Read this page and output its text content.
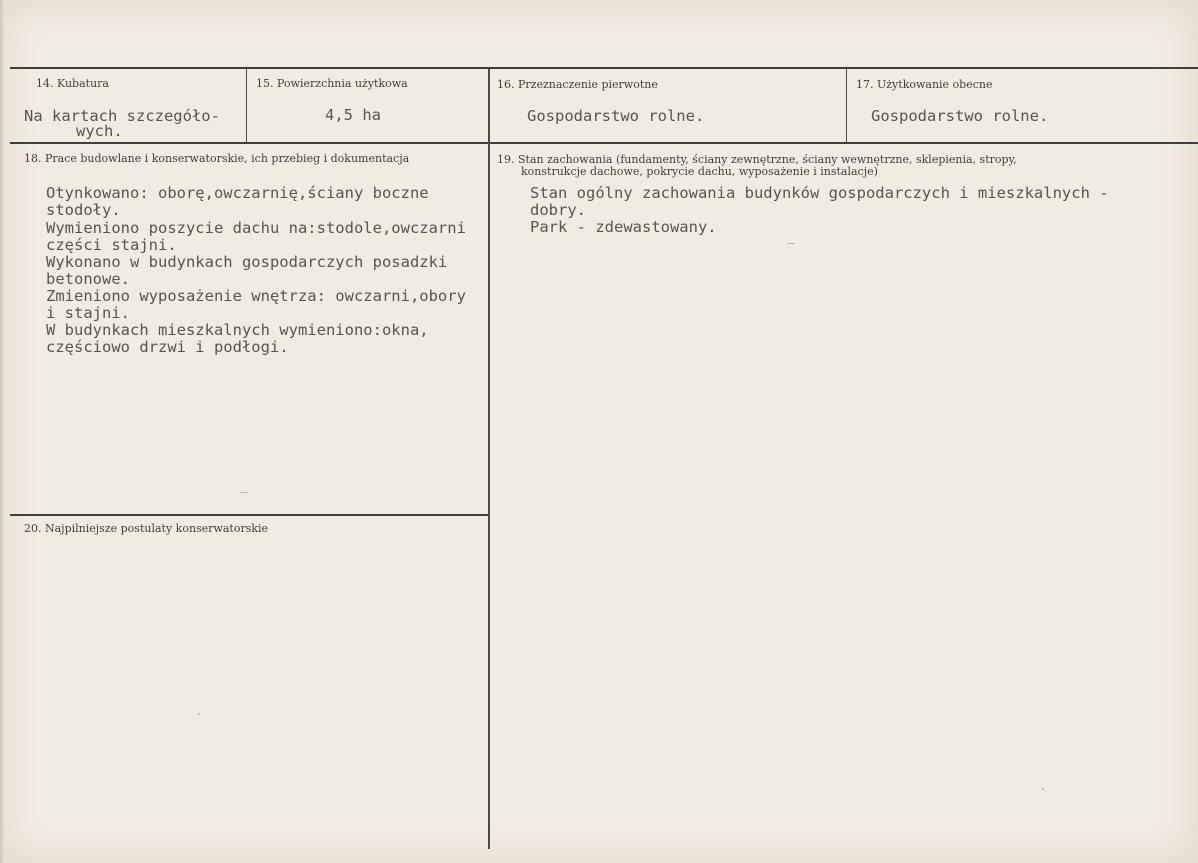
14. Kubatura
Na kartach szczegóło-
wych.
15. Powierzchnia użytkowa
4,5 ha
16. Przeznaczenie pierwotne
Gospodarstwo rolne.
17. Użytkowanie obecne
Gospodarstwo rolne.
18. Prace budowlane i konserwatorskie, ich przebieg i dokumentacja
Otynkowano: oborę,owczarnię,ściany boczne
stodoły.
Wymieniono poszycie dachu na:stodole,owczarni
części stajni.
Wykonano w budynkach gospodarczych posadzki
betonowe.
Zmieniono wyposażenie wnętrza: owczarni,obory
i stajni.
W budynkach mieszkalnych wymieniono:okna,
częściowo drzwi i podłogi.
19. Stan zachowania (fundamenty, ściany zewnętrzne, ściany wewnętrzne, sklepienia, stropy,
konstrukcje dachowe, pokrycie dachu, wyposażenie i instalacje)
Stan ogólny zachowania budynków gospodarczych i mieszkalnych -
dobry.
Park - zdewastowany.
20. Najpilniejsze postulaty konserwatorskie
